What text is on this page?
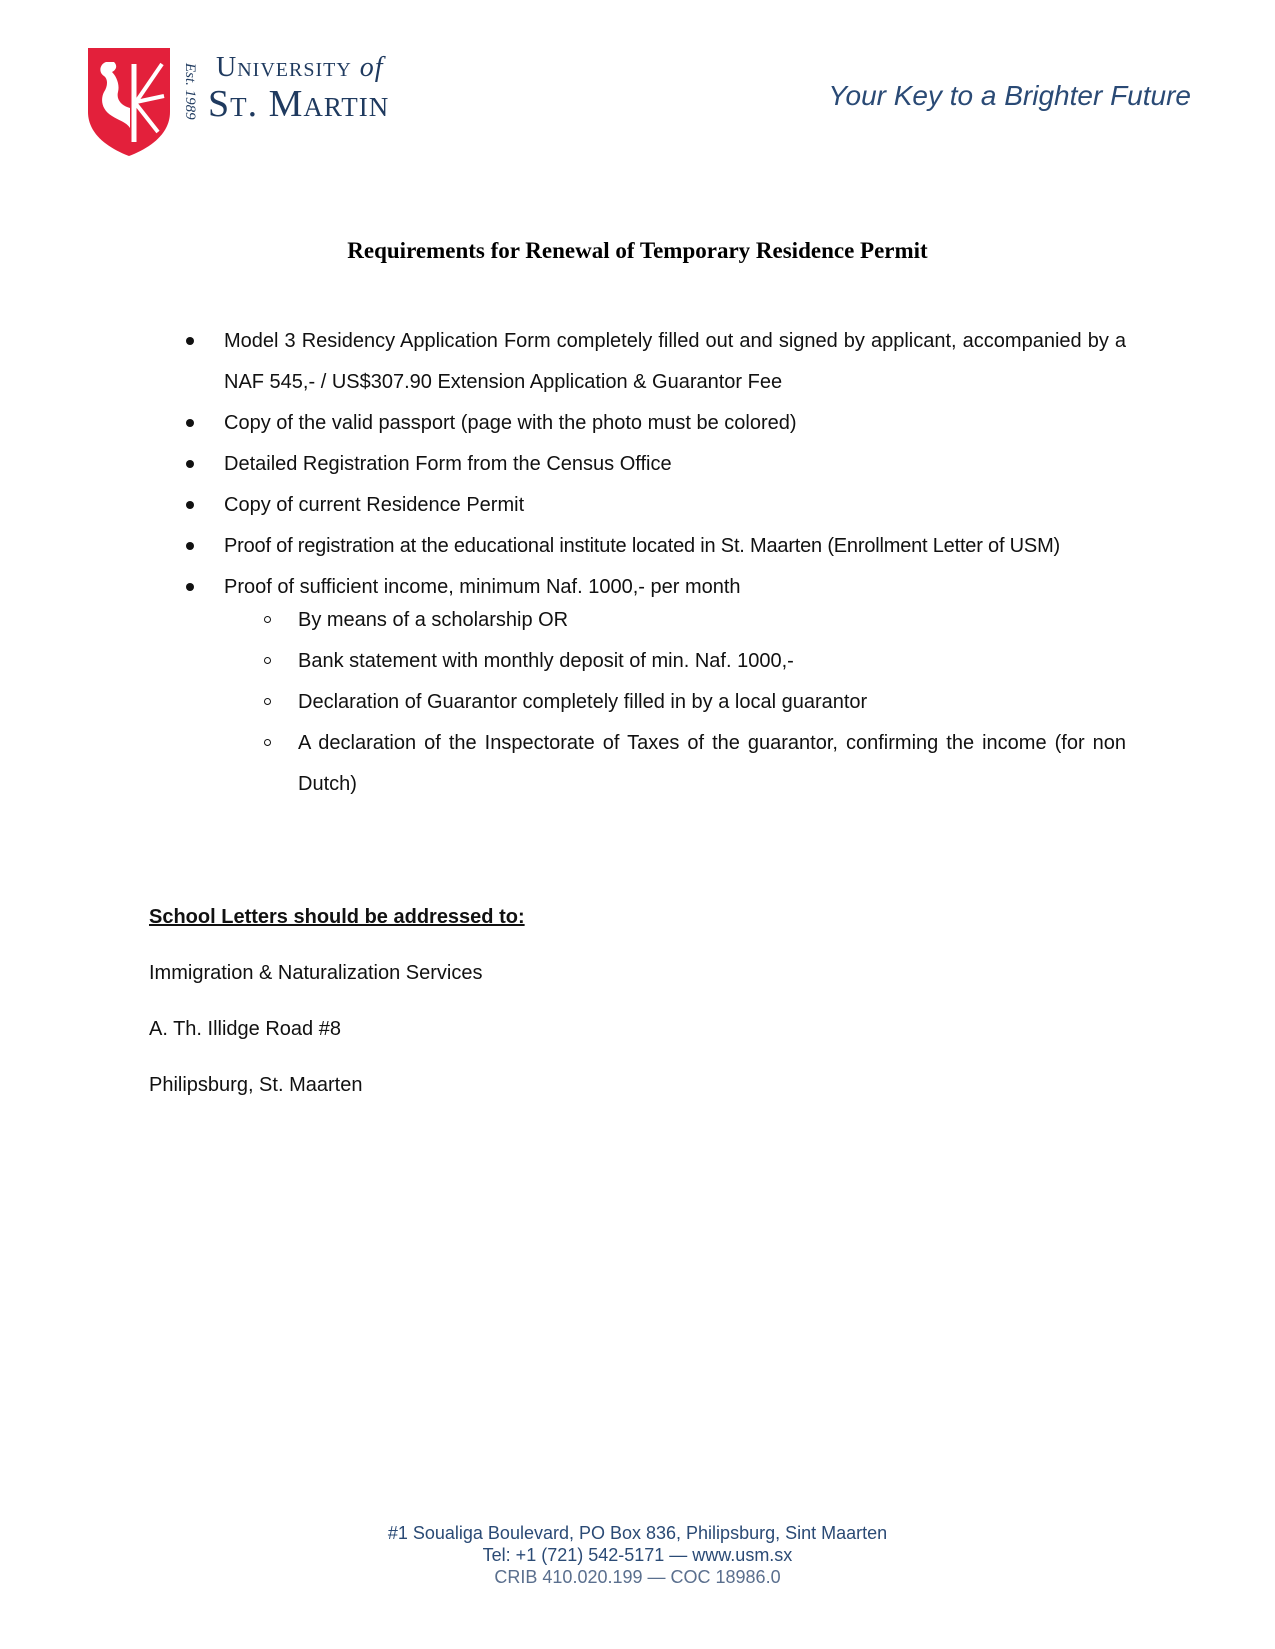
Est. 1989 University of
St. Martin	Your Key to a Brighter Future
Requirements for Renewal of Temporary Residence Permit
Model 3 Residency Application Form completely filled out and signed by applicant, accompanied by a NAF 545,- / US$307.90 Extension Application & Guarantor Fee
Copy of the valid passport (page with the photo must be colored)
Detailed Registration Form from the Census Office
Copy of current Residence Permit
Proof of registration at the educational institute located in St. Maarten (Enrollment Letter of USM)
Proof of sufficient income, minimum Naf. 1000,- per month
By means of a scholarship OR
Bank statement with monthly deposit of min. Naf. 1000,-
Declaration of Guarantor completely filled in by a local guarantor
A declaration of the Inspectorate of Taxes of the guarantor, confirming the income (for non Dutch)
School Letters should be addressed to:
Immigration & Naturalization Services
A. Th. Illidge Road #8
Philipsburg, St. Maarten
#1 Soualiga Boulevard, PO Box 836, Philipsburg, Sint Maarten
Tel: +1 (721) 542-5171 — www.usm.sx
CRIB 410.020.199 — COC 18986.0
